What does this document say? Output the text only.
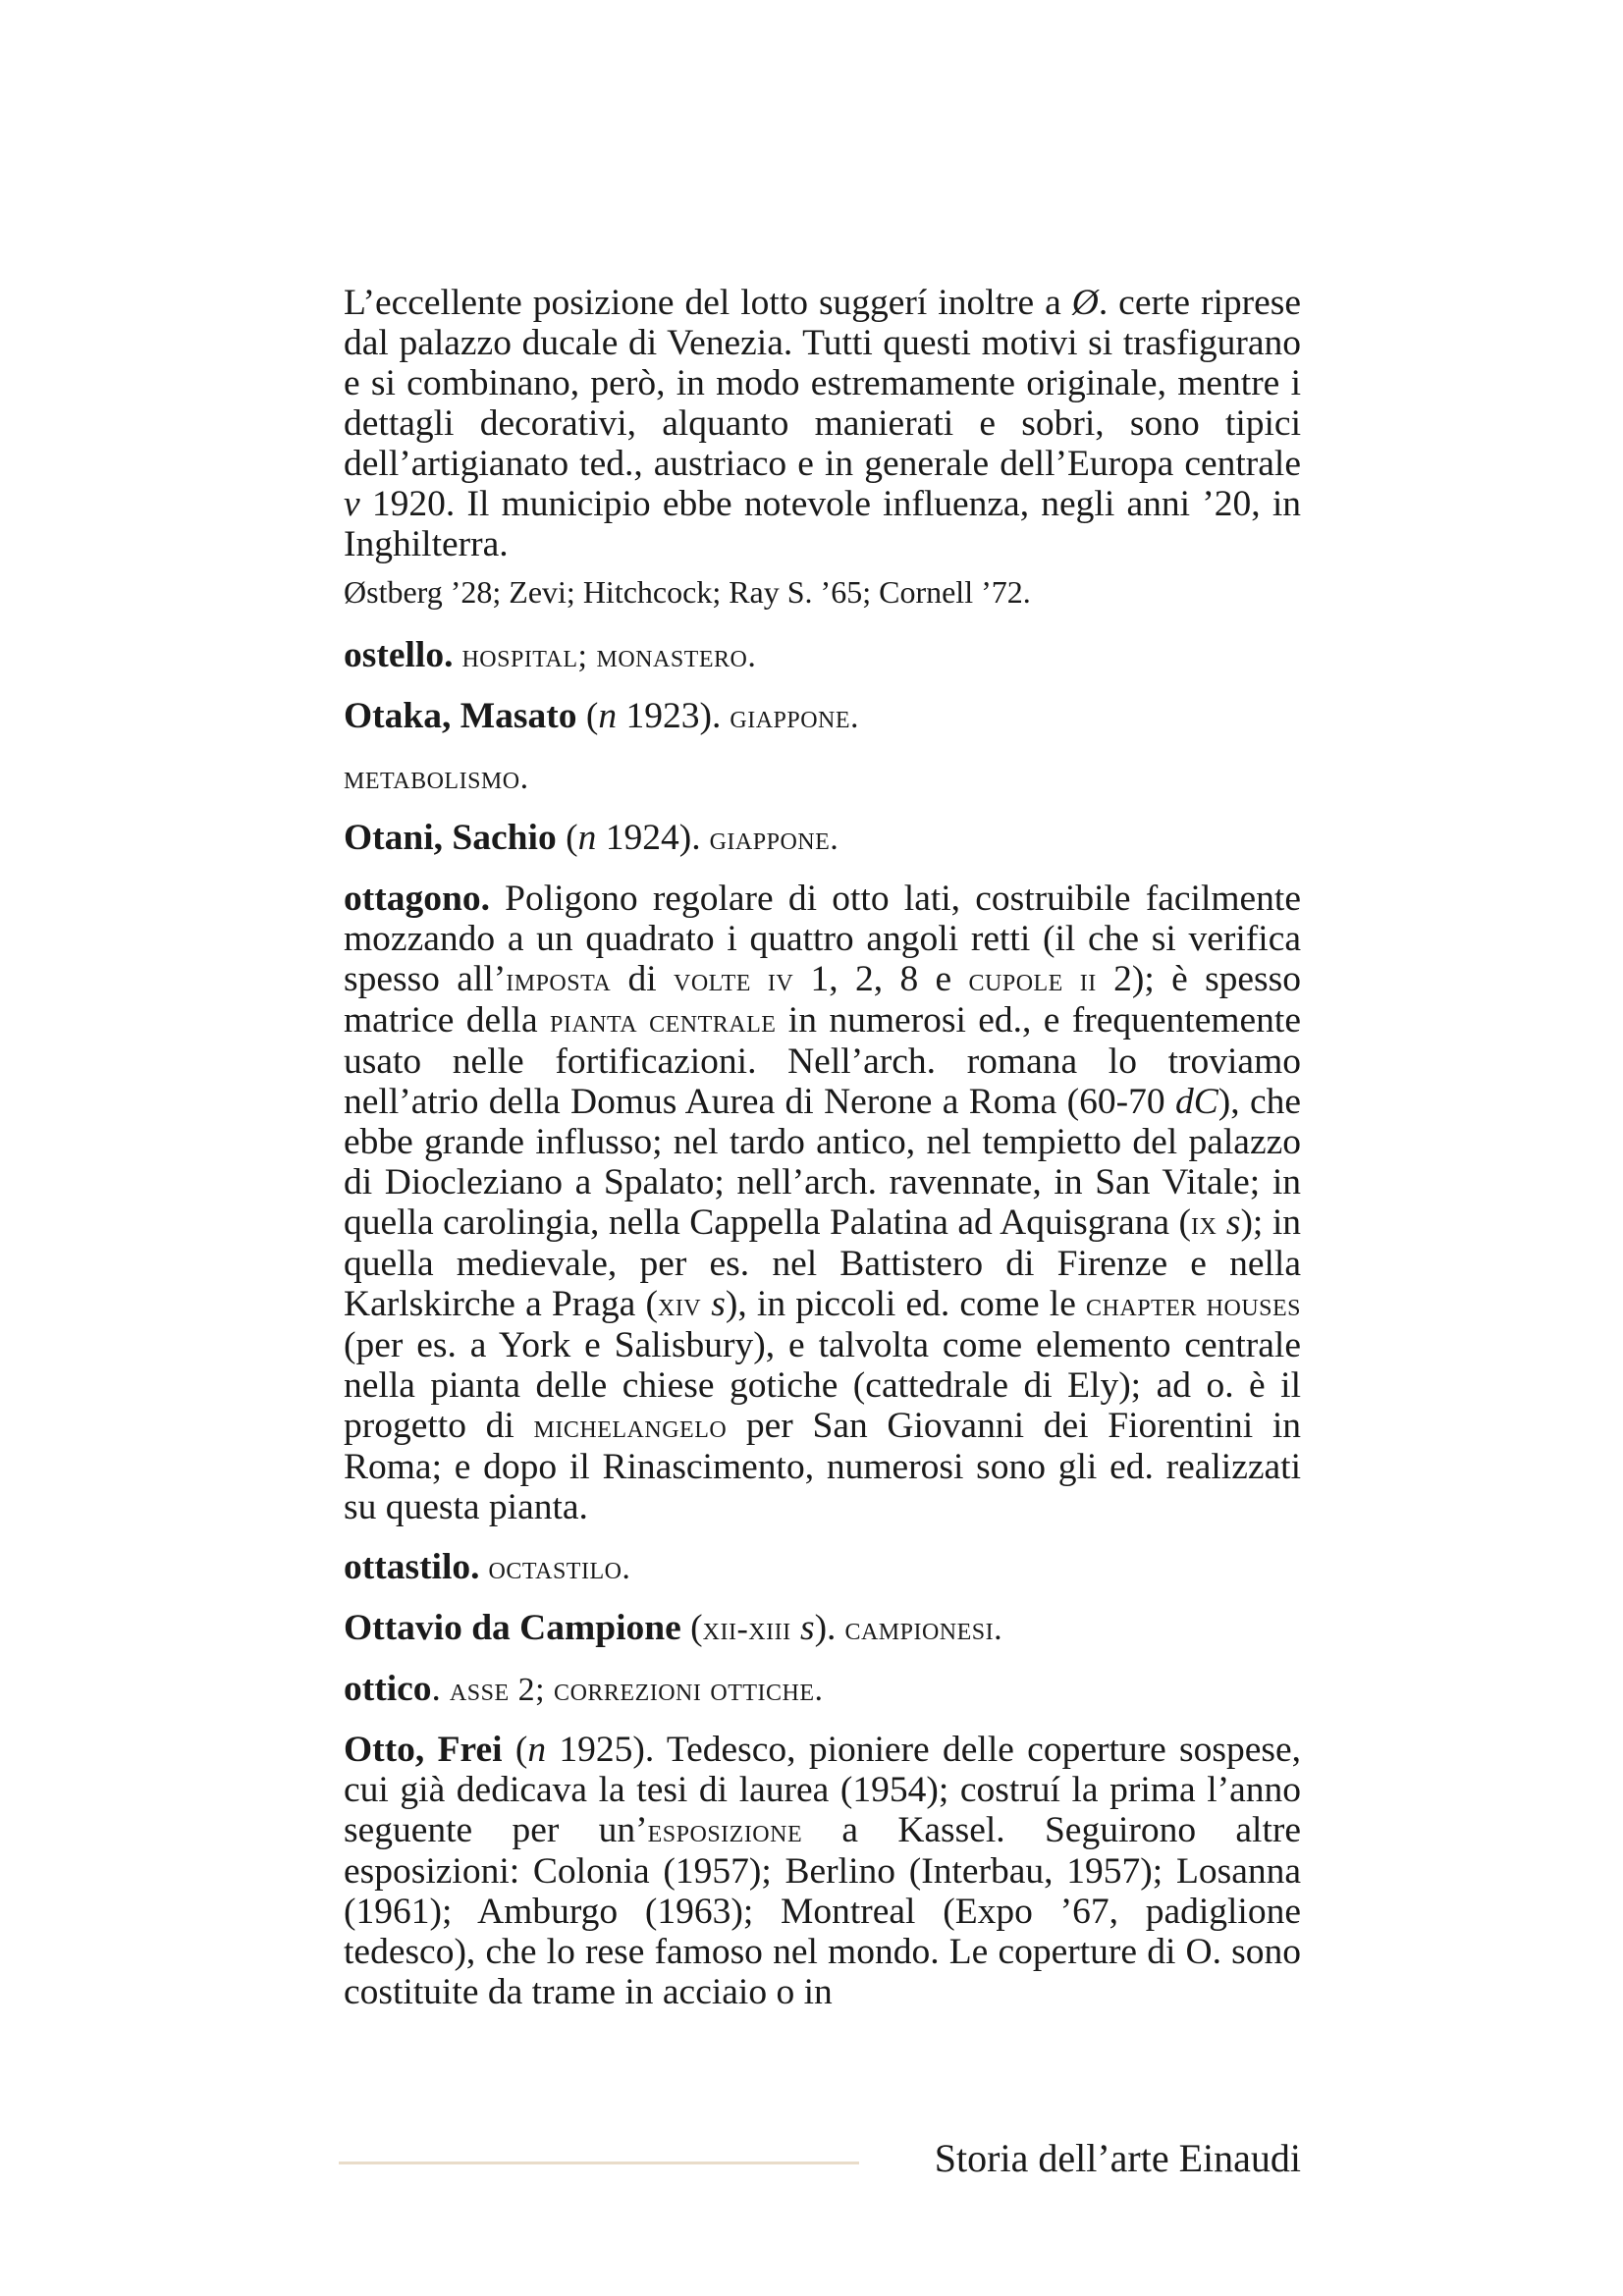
L’eccellente posizione del lotto suggerí inoltre a Ø. certe riprese dal palazzo ducale di Venezia. Tutti questi motivi si trasfigurano e si combinano, però, in modo estremamente originale, mentre i dettagli decorativi, alquanto manierati e sobri, sono tipici dell’artigianato ted., austriaco e in generale dell’Europa centrale v 1920. Il municipio ebbe notevole influenza, negli anni ’20, in Inghilterra.

Østberg ’28; Zevi; Hitchcock; Ray S. ’65; Cornell ’72.

ostello. hospital; monastero.

Otaka, Masato (n 1923). giappone.

metabolismo.

Otani, Sachio (n 1924). giappone.

ottagono. Poligono regolare di otto lati, costruibile facilmente mozzando a un quadrato i quattro angoli retti (il che si verifica spesso all’imposta di volte iv 1, 2, 8 e cupole ii 2); è spesso matrice della pianta centrale in numerosi ed., e frequentemente usato nelle fortificazioni. Nell’arch. romana lo troviamo nell’atrio della Domus Aurea di Nerone a Roma (60-70 dC), che ebbe grande influsso; nel tardo antico, nel tempietto del palazzo di Diocleziano a Spalato; nell’arch. ravennate, in San Vitale; in quella carolingia, nella Cappella Palatina ad Aquisgrana (ix s); in quella medievale, per es. nel Battistero di Firenze e nella Karlskirche a Praga (xiv s), in piccoli ed. come le chapter houses (per es. a York e Salisbury), e talvolta come elemento centrale nella pianta delle chiese gotiche (cattedrale di Ely); ad o. è il progetto di michelangelo per San Giovanni dei Fiorentini in Roma; e dopo il Rinascimento, numerosi sono gli ed. realizzati su questa pianta.

ottastilo. octastilo.

Ottavio da Campione (xii-xiii s). campionesi.

ottico. asse 2; correzioni ottiche.

Otto, Frei (n 1925). Tedesco, pioniere delle coperture sospese, cui già dedicava la tesi di laurea (1954); costruí la prima l’anno seguente per un’esposizione a Kassel. Seguirono altre esposizioni: Colonia (1957); Berlino (Interbau, 1957); Losanna (1961); Amburgo (1963); Montreal (Expo ’67, padiglione tedesco), che lo rese famoso nel mondo. Le coperture di O. sono costituite da trame in acciaio o in

Storia dell’arte Einaudi
